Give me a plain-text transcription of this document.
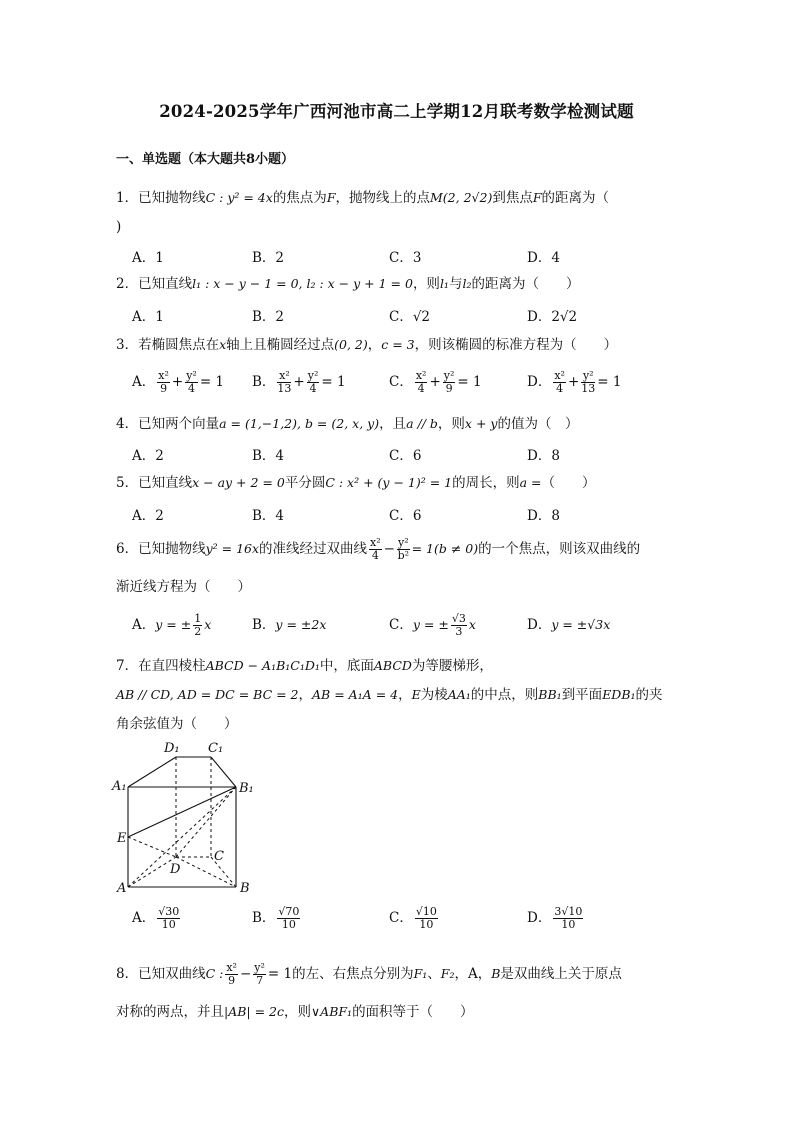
2024-2025学年广西河池市高二上学期12月联考数学检测试题
一、单选题（本大题共8小题）
1．已知抛物线C : y² = 4x的焦点为F，抛物线上的点M(2, 2√2)到焦点F的距离为（
)
A．1	B．2	C．3	D．4
2．已知直线l₁ : x − y − 1 = 0, l₂ : x − y + 1 = 0，则l₁与l₂的距离为（　　）
A．1	B．2	C．√2	D．2√2
3．若椭圆焦点在x轴上且椭圆经过点(0, 2)，c = 3，则该椭圆的标准方程为（　　）
A． $\frac{\text{x²}}{9} + \frac{\text{y²}}{4} = 1$ B． $\frac{\text{x²}}{13} + \frac{\text{y²}}{4} = 1$	C． $\frac{\text{x²}}{4} + \frac{\text{y²}}{9} = 1$	D． $\frac{\text{x²}}{4} + \frac{\text{y²}}{13} = 1$
4．已知两个向量a = (1,−1,2), b = (2, x, y)，且a // b，则x + y的值为（　）
A．2	B．4	C．6	D．8
5．已知直线x − ay + 2 = 0平分圆C : x² + (y − 1)² = 1的周长，则a =（　　）
A．2	B．4	C．6	D．8
6．已知抛物线y² = 16x的准线经过双曲线 $\frac{\text{x²}}{4} - \frac{\text{y²}}{\text{b²}} = 1(b \ne 0)$的一个焦点，则该双曲线的
渐近线方程为（　　）
A．y = ± $\frac{1}{2}$ x	B．y = ±2x	C．y = ± $\frac{√3}{3}$ x	D．y = ±√3x
7．在直四棱柱ABCD − A₁B₁C₁D₁中，底面ABCD为等腰梯形，
AB // CD, AD = DC = BC = 2，AB = A₁A = 4，E为棱AA₁的中点，则BB₁到平面EDB₁的夹
角余弦值为（　　）
D₁ C₁
A₁	B₁
E
C
D
A	B
A． $\frac{√30}{10}$	B． $\frac{√70}{10}$	C． $\frac{√10}{10}$	D． $\frac{3√10}{10}$
8．已知双曲线C : $\frac{\text{x²}}{9} - \frac{\text{y²}}{7} = 1$的左、右焦点分别为F₁、F₂，A，B是双曲线上关于原点
对称的两点，并且|AB| = 2c，则∨ABF₁的面积等于（　　）
